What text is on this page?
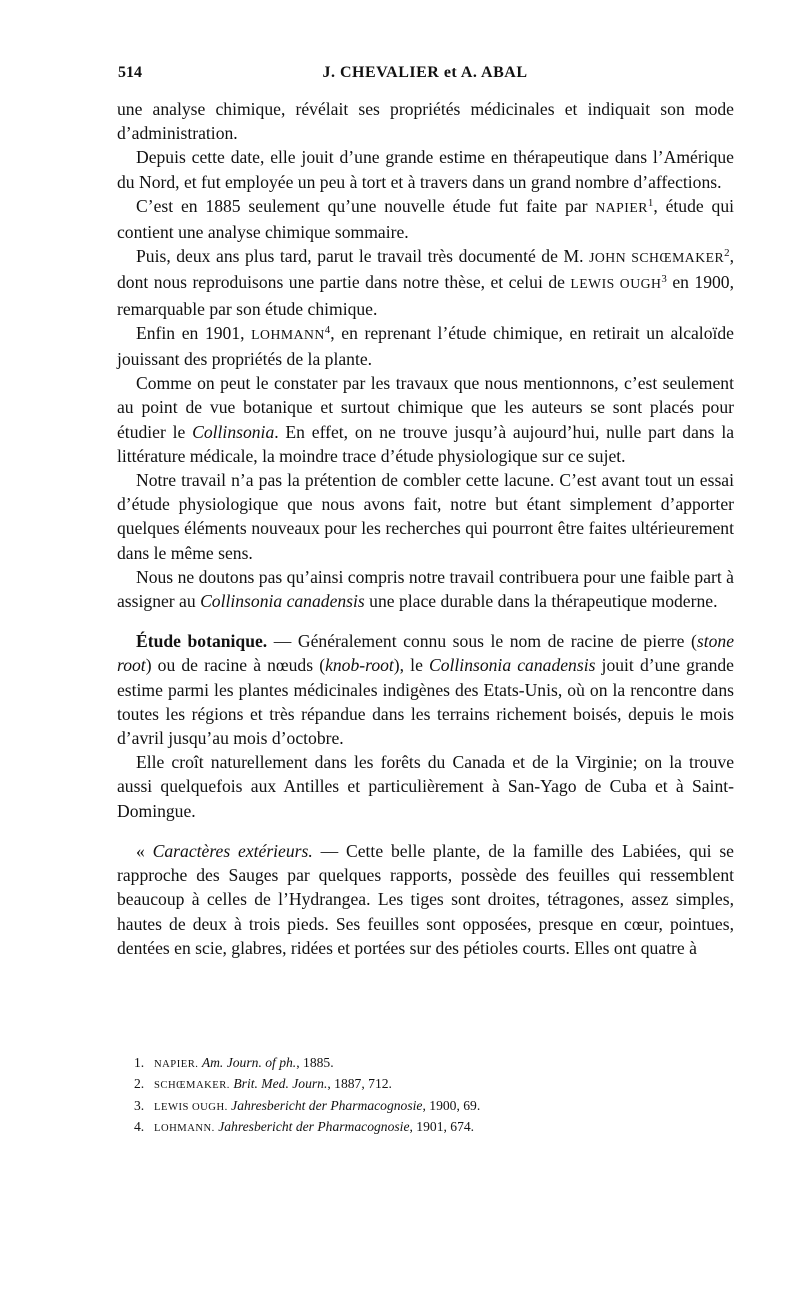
514	J. CHEVALIER et A. ABAL

une analyse chimique, révélait ses propriétés médicinales et indiquait son mode d’administration.

Depuis cette date, elle jouit d’une grande estime en thérapeutique dans l’Amérique du Nord, et fut employée un peu à tort et à travers dans un grand nombre d’affections.

C’est en 1885 seulement qu’une nouvelle étude fut faite par NAPIER$^1$, étude qui contient une analyse chimique sommaire.

Puis, deux ans plus tard, parut le travail très documenté de M. JOHN SCHŒMAKER$^2$, dont nous reproduisons une partie dans notre thèse, et celui de LEWIS OUGH$^3$ en 1900, remarquable par son étude chimique.

Enfin en 1901, LOHMANN$^4$, en reprenant l’étude chimique, en retirait un alcaloïde jouissant des propriétés de la plante.

Comme on peut le constater par les travaux que nous mentionnons, c’est seulement au point de vue botanique et surtout chimique que les auteurs se sont placés pour étudier le Collinsonia. En effet, on ne trouve jusqu’à aujourd’hui, nulle part dans la littérature médicale, la moindre trace d’étude physiologique sur ce sujet.

Notre travail n’a pas la prétention de combler cette lacune. C’est avant tout un essai d’étude physiologique que nous avons fait, notre but étant simplement d’apporter quelques éléments nouveaux pour les recherches qui pourront être faites ultérieurement dans le même sens.

Nous ne doutons pas qu’ainsi compris notre travail contribuera pour une faible part à assigner au Collinsonia canadensis une place durable dans la thérapeutique moderne.

Étude botanique. — Généralement connu sous le nom de racine de pierre (stone root) ou de racine à nœuds (knob-root), le Collinsonia canadensis jouit d’une grande estime parmi les plantes médicinales indigènes des Etats-Unis, où on la rencontre dans toutes les régions et très répandue dans les terrains richement boisés, depuis le mois d’avril jusqu’au mois d’octobre.

Elle croît naturellement dans les forêts du Canada et de la Virginie; on la trouve aussi quelquefois aux Antilles et particulièrement à San-Yago de Cuba et à Saint-Domingue.

« Caractères extérieurs. — Cette belle plante, de la famille des Labiées, qui se rapproche des Sauges par quelques rapports, possède des feuilles qui ressemblent beaucoup à celles de l’Hydrangea. Les tiges sont droites, tétragones, assez simples, hautes de deux à trois pieds. Ses feuilles sont opposées, presque en cœur, pointues, dentées en scie, glabres, ridées et portées sur des pétioles courts. Elles ont quatre à

1. NAPIER. Am. Journ. of ph., 1885.
2. SCHŒMAKER. Brit. Med. Journ., 1887, 712.
3. LEWIS OUGH. Jahresbericht der Pharmacognosie, 1900, 69.
4. LOHMANN. Jahresbericht der Pharmacognosie, 1901, 674.
